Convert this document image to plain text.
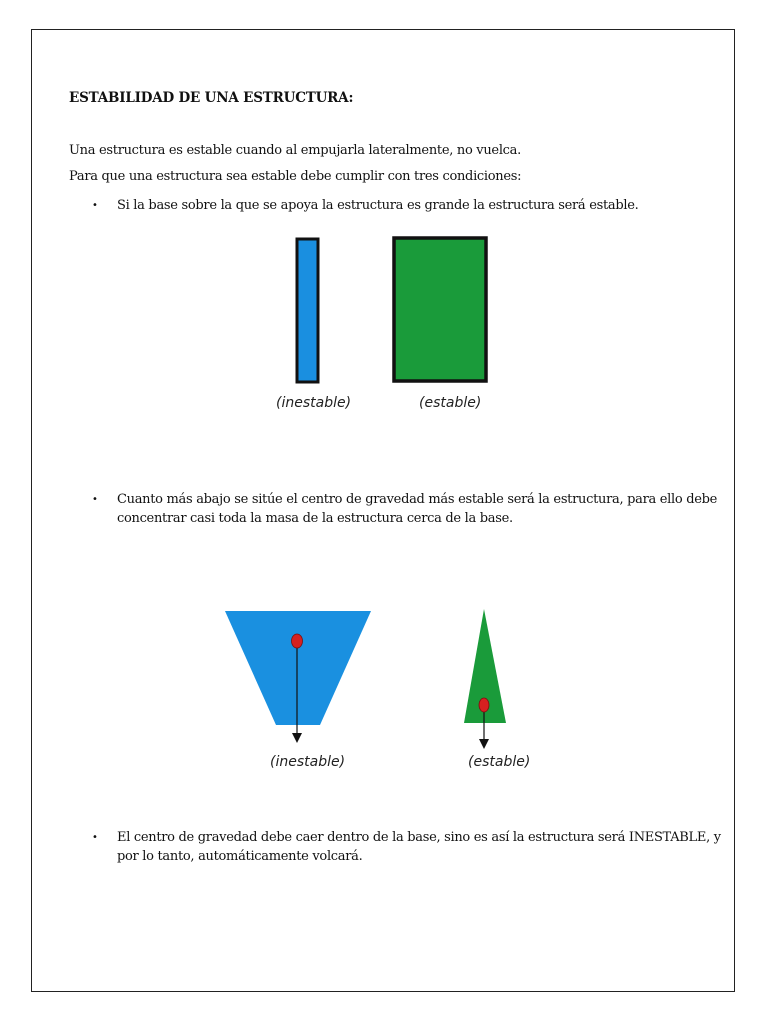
ESTABILIDAD DE UNA ESTRUCTURA:
Una estructura es estable cuando al empujarla lateralmente, no vuelca.
Para que una estructura sea estable debe cumplir con tres condiciones:
• Si la base sobre la que se apoya la estructura es grande la estructura será estable.
(inestable)	(estable)
• Cuanto más abajo se sitúe el centro de gravedad más estable será la estructura, para ello debe
concentrar casi toda la masa de la estructura cerca de la base.
(inestable)	(estable)
• El centro de gravedad debe caer dentro de la base, sino es así la estructura será INESTABLE, y
por lo tanto, automáticamente volcará.
